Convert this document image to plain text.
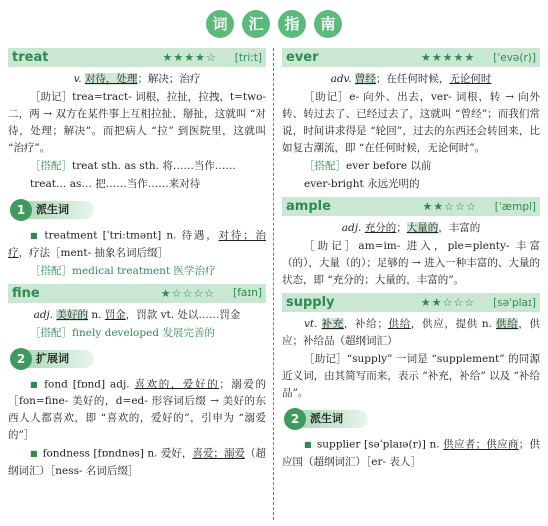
词 汇 指 南
treat	★★★★☆ [triːt]

v. 对待，处理；解决；治疗

［助记］trea=tract- 词根，拉扯，拉拽，t=two- 二，两 → 双方在某件事上互相拉扯、掰扯，这就叫 “对待，处理；解决”。而把病人 “拉” 到医院里，这就叫 “治疗”。

［搭配］treat sth. as sth. 将……当作……

treat… as… 把……当作……来对待

1 派生词

■ treatment [ˈtriːtmənt] n. 待遇，对待；治疗，疗法［ment- 抽象名词后缀］

［搭配］medical treatment 医学治疗

fine	★☆☆☆☆ [faɪn]

adj. 美好的 n. 罚金，罚款 vt. 处以……罚金

［搭配］finely developed 发展完善的

2 扩展词

■ fond [fɒnd] adj. 喜欢的，爱好的；溺爱的［fon=fine- 美好的，d=ed- 形容词后缀 → 美好的东西人人都喜欢，即 “喜欢的，爱好的”，引申为 “溺爱的”］

■ fondness [fɒndnəs] n. 爱好，喜爱；溺爱（超纲词汇）［ness- 名词后缀］

ever	★★★★★ [ˈevə(r)]

adv. 曾经；在任何时候，无论何时

［助记］e- 向外、出去，ver- 词根，转 → 向外转、转过去了、已经过去了，这就叫 “曾经”；而我们常说，时间讲求得是 “轮回”，过去的东西还会转回来，比如复古潮流，即 “在任何时候，无论何时”。

［搭配］ever before 以前

ever-bright 永远光明的

ample	★★☆☆☆ [ˈæmpl]

adj. 充分的；大量的，丰富的

［助记］am=im- 进入，ple=plenty- 丰富（的），大量（的）；足够的 → 进入一种丰富的、大量的状态，即 “充分的；大量的，丰富的”。

supply	★★☆☆☆ [səˈplaɪ]

vt. 补充，补给；供给，供应，提供 n. 供给，供应；补给品（超纲词汇）

［助记］“supply” 一词是 “supplement” 的同源近义词，由其简写而来，表示 “补充，补给” 以及 “补给品”。

2 派生词

■ supplier [səˈplaɪə(r)] n. 供应者；供应商；供应国（超纲词汇）［er- 表人］
